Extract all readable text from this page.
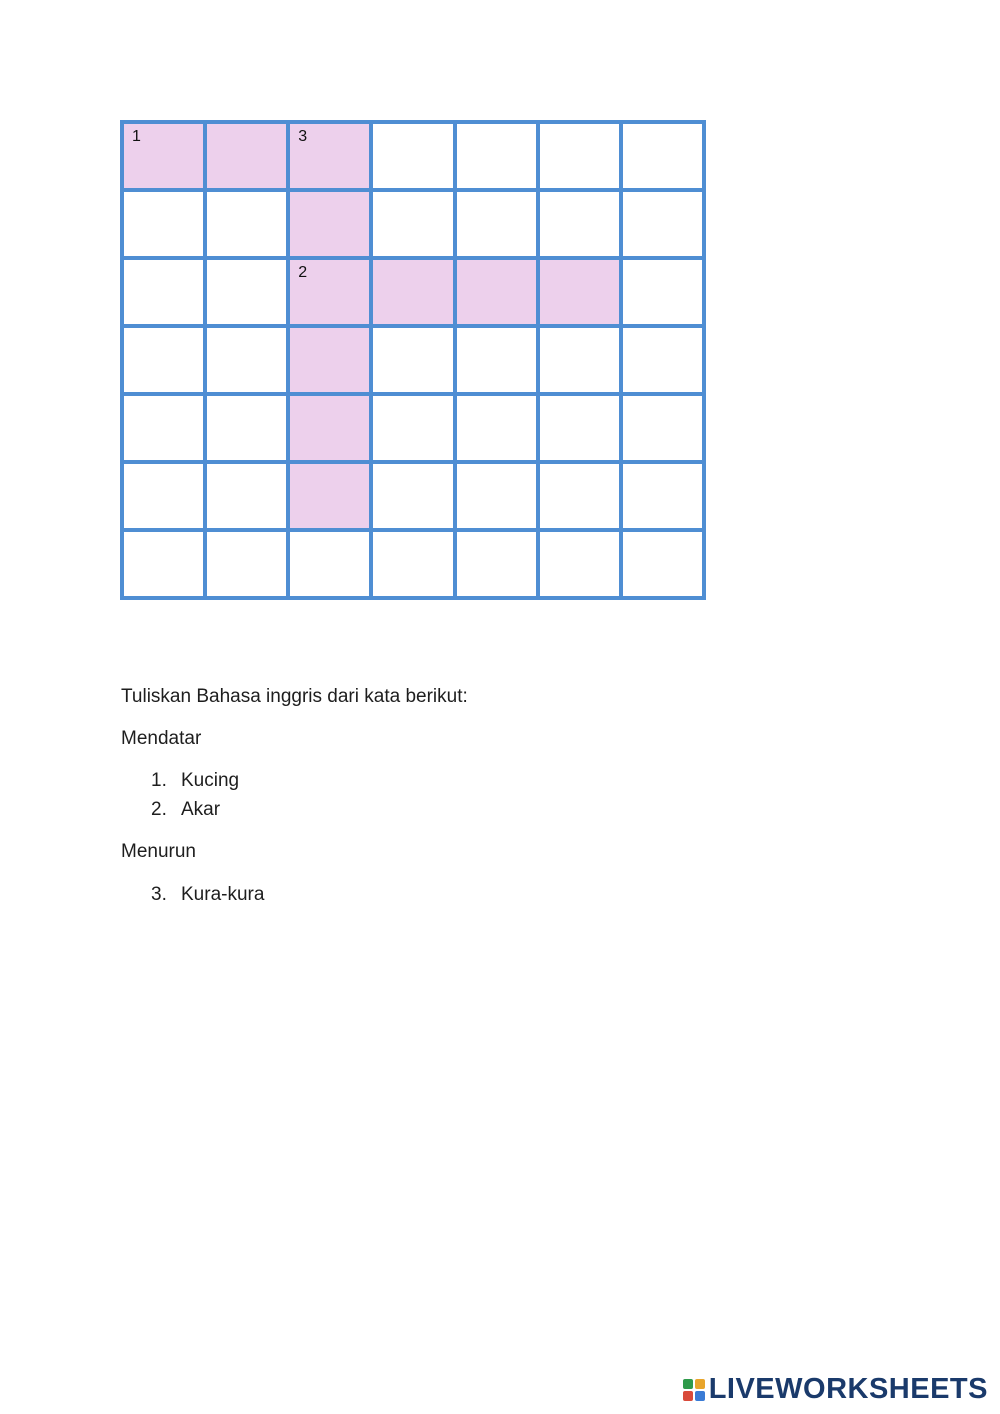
1	3
2

Tuliskan Bahasa inggris dari kata berikut:

Mendatar

1. Kucing
2. Akar

Menurun

3. Kura-kura
LIVEWORKSHEETS
